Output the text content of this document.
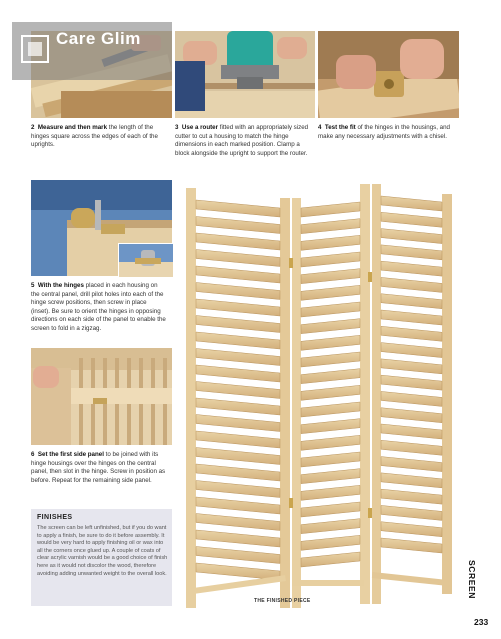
Care Glim
2 Measure and then mark the length of the hinges square across the edges of each of the uprights.
3 Use a router fitted with an appropriately sized cutter to cut a housing to match the hinge dimensions in each marked position. Clamp a block alongside the upright to support the router.
4 Test the fit of the hinges in the housings, and make any necessary adjustments with a chisel.
5 With the hinges placed in each housing on the central panel, drill pilot holes into each of the hinge screw positions, then screw in place (inset). Be sure to orient the hinges in opposing directions on each side of the panel to enable the screen to fold in a zigzag.
6 Set the first side panel to be joined with its hinge housings over the hinges on the central panel, then slot in the hinge. Screw in position as before. Repeat for the remaining side panel.
FINISHES
The screen can be left unfinished, but if you do want to apply a finish, be sure to do it before assembly. It would be very hard to apply finishing oil or wax into all the corners once glued up. A couple of coats of clear acrylic varnish would be a good choice of finish here as it would not discolor the wood, therefore avoiding adding unwanted weight to the overall look.
THE FINISHED PIECE
SCREEN
233
